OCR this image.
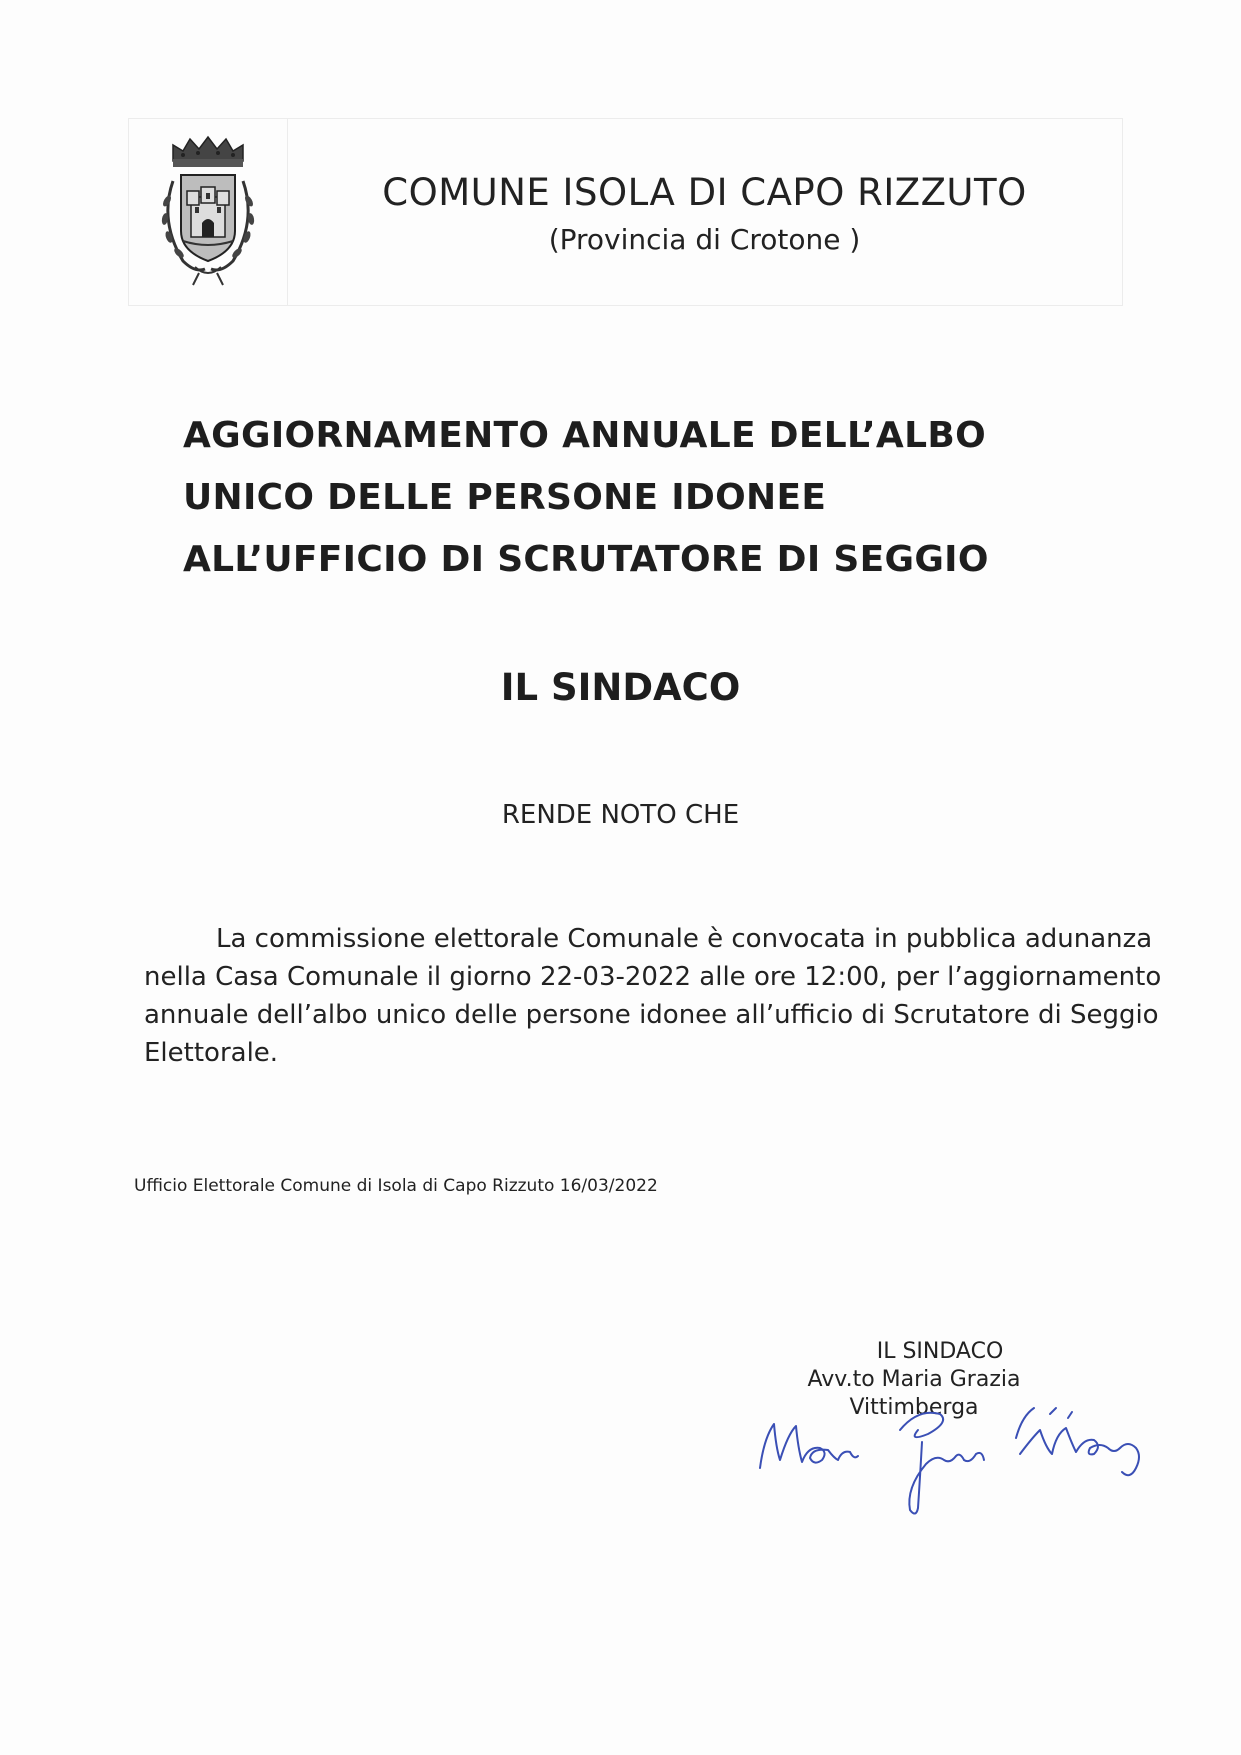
COMUNE ISOLA DI CAPO RIZZUTO
(Provincia di Crotone )
AGGIORNAMENTO ANNUALE DELL’ALBO
UNICO DELLE PERSONE IDONEE
ALL’UFFICIO DI SCRUTATORE DI SEGGIO
IL SINDACO
RENDE NOTO CHE
La commissione elettorale Comunale è convocata in pubblica adunanza
nella Casa Comunale il giorno 22-03-2022 alle ore 12:00, per l’aggiornamento
annuale dell’albo unico delle persone idonee all’ufficio di Scrutatore di Seggio
Elettorale.
Ufficio Elettorale Comune di Isola di Capo Rizzuto 16/03/2022
IL SINDACO
Avv.to Maria Grazia Vittimberga
